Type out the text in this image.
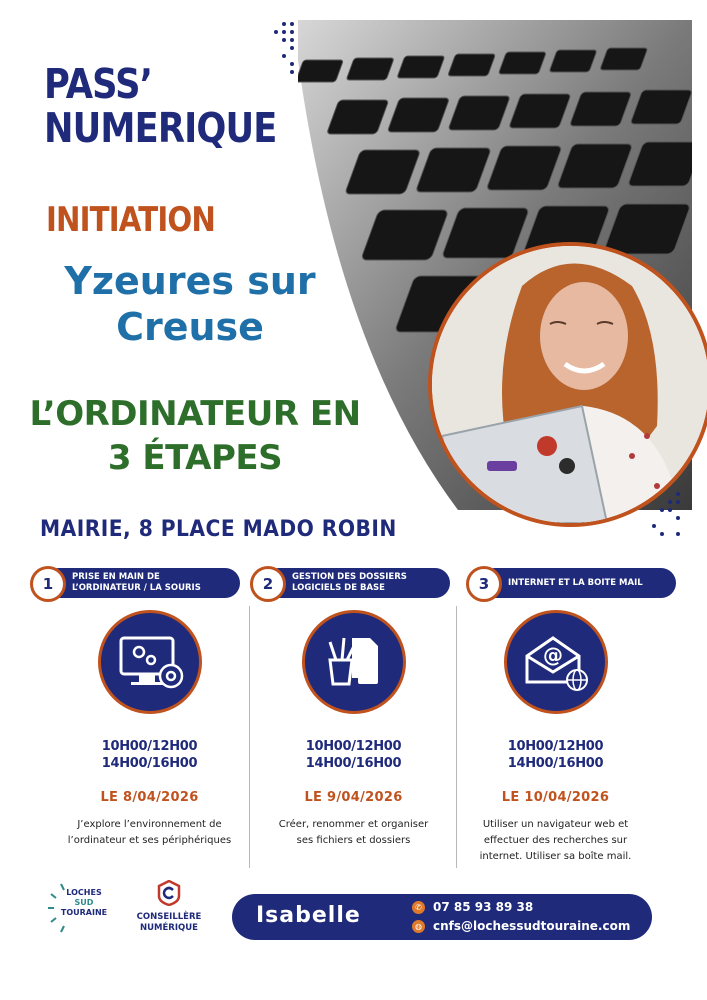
PASS’
NUMERIQUE
INITIATION
Yzeures sur
Creuse
L’ORDINATEUR EN
3 ÉTAPES
MAIRIE, 8 PLACE MADO ROBIN
1	PRISE EN MAIN DE
L’ORDINATEUR / LA SOURIS	2	GESTION DES DOSSIERS
LOGICIELS DE BASE	3	INTERNET ET LA BOITE MAIL
10H00/12H00
14H00/16H00
LE 8/04/2026
J’explore l’environnement de
l’ordinateur et ses périphériques
10H00/12H00
14H00/16H00
LE 9/04/2026
Créer, renommer et organiser
ses fichiers et dossiers
@
10H00/12H00
14H00/16H00
LE 10/04/2026
Utiliser un navigateur web et
effectuer des recherches sur
internet. Utiliser sa boîte mail.
LOCHES
SUD
TOURAINE	CONSEILLÈRE
NUMÉRIQUE	Isabelle	✆ 07 85 93 89 38
◍ cnfs@lochessudtouraine.com
